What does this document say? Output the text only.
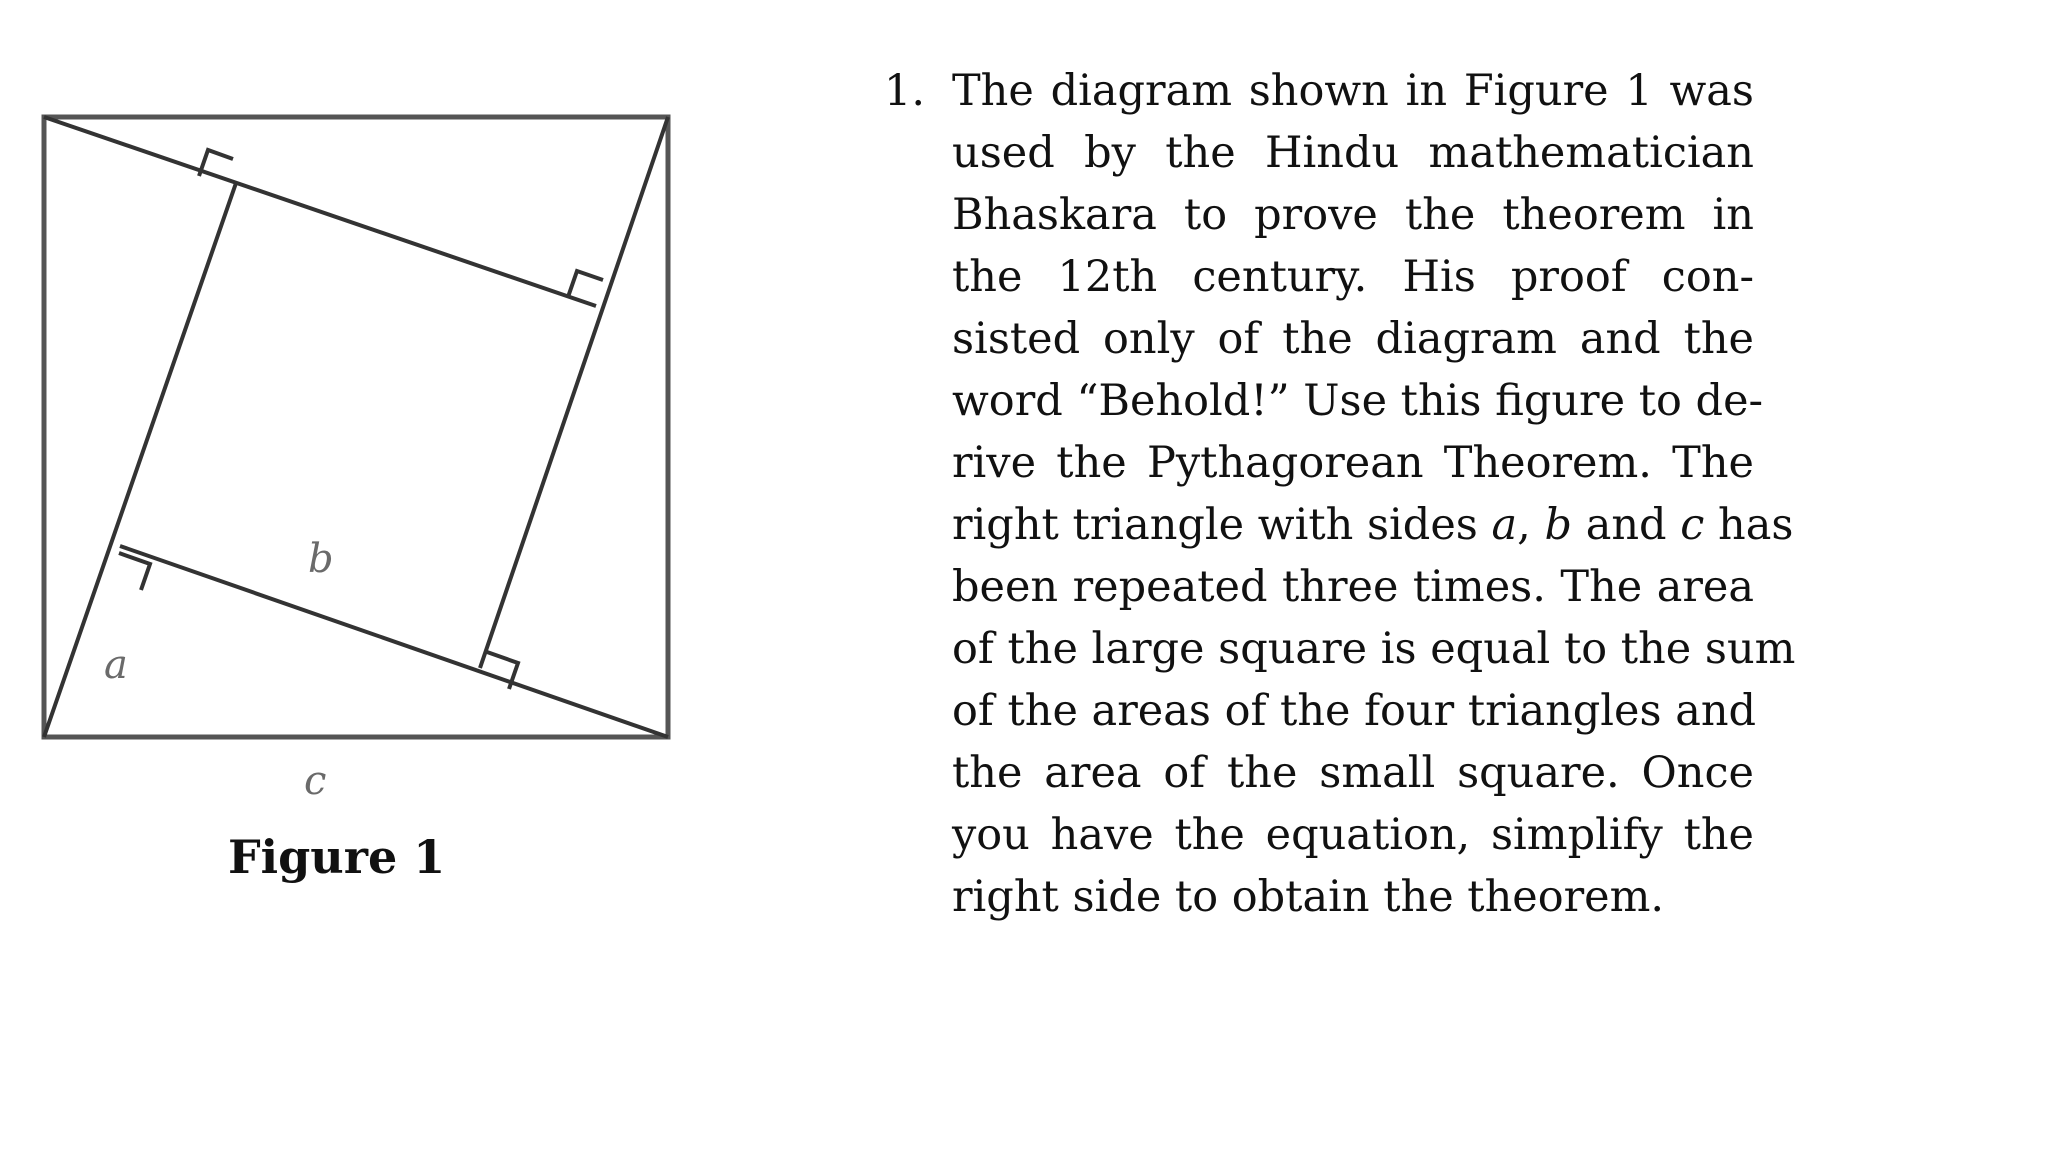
a
b
c
Figure 1
1. The diagram shown in Figure 1 was
used by the Hindu mathematician
Bhaskara to prove the theorem in
the 12th century. His proof con-
sisted only of the diagram and the
word “Behold!” Use this figure to de-
rive the Pythagorean Theorem. The
right triangle with sides a, b and c has
been repeated three times. The area
of the large square is equal to the sum
of the areas of the four triangles and
the area of the small square. Once
you have the equation, simplify the
right side to obtain the theorem.
